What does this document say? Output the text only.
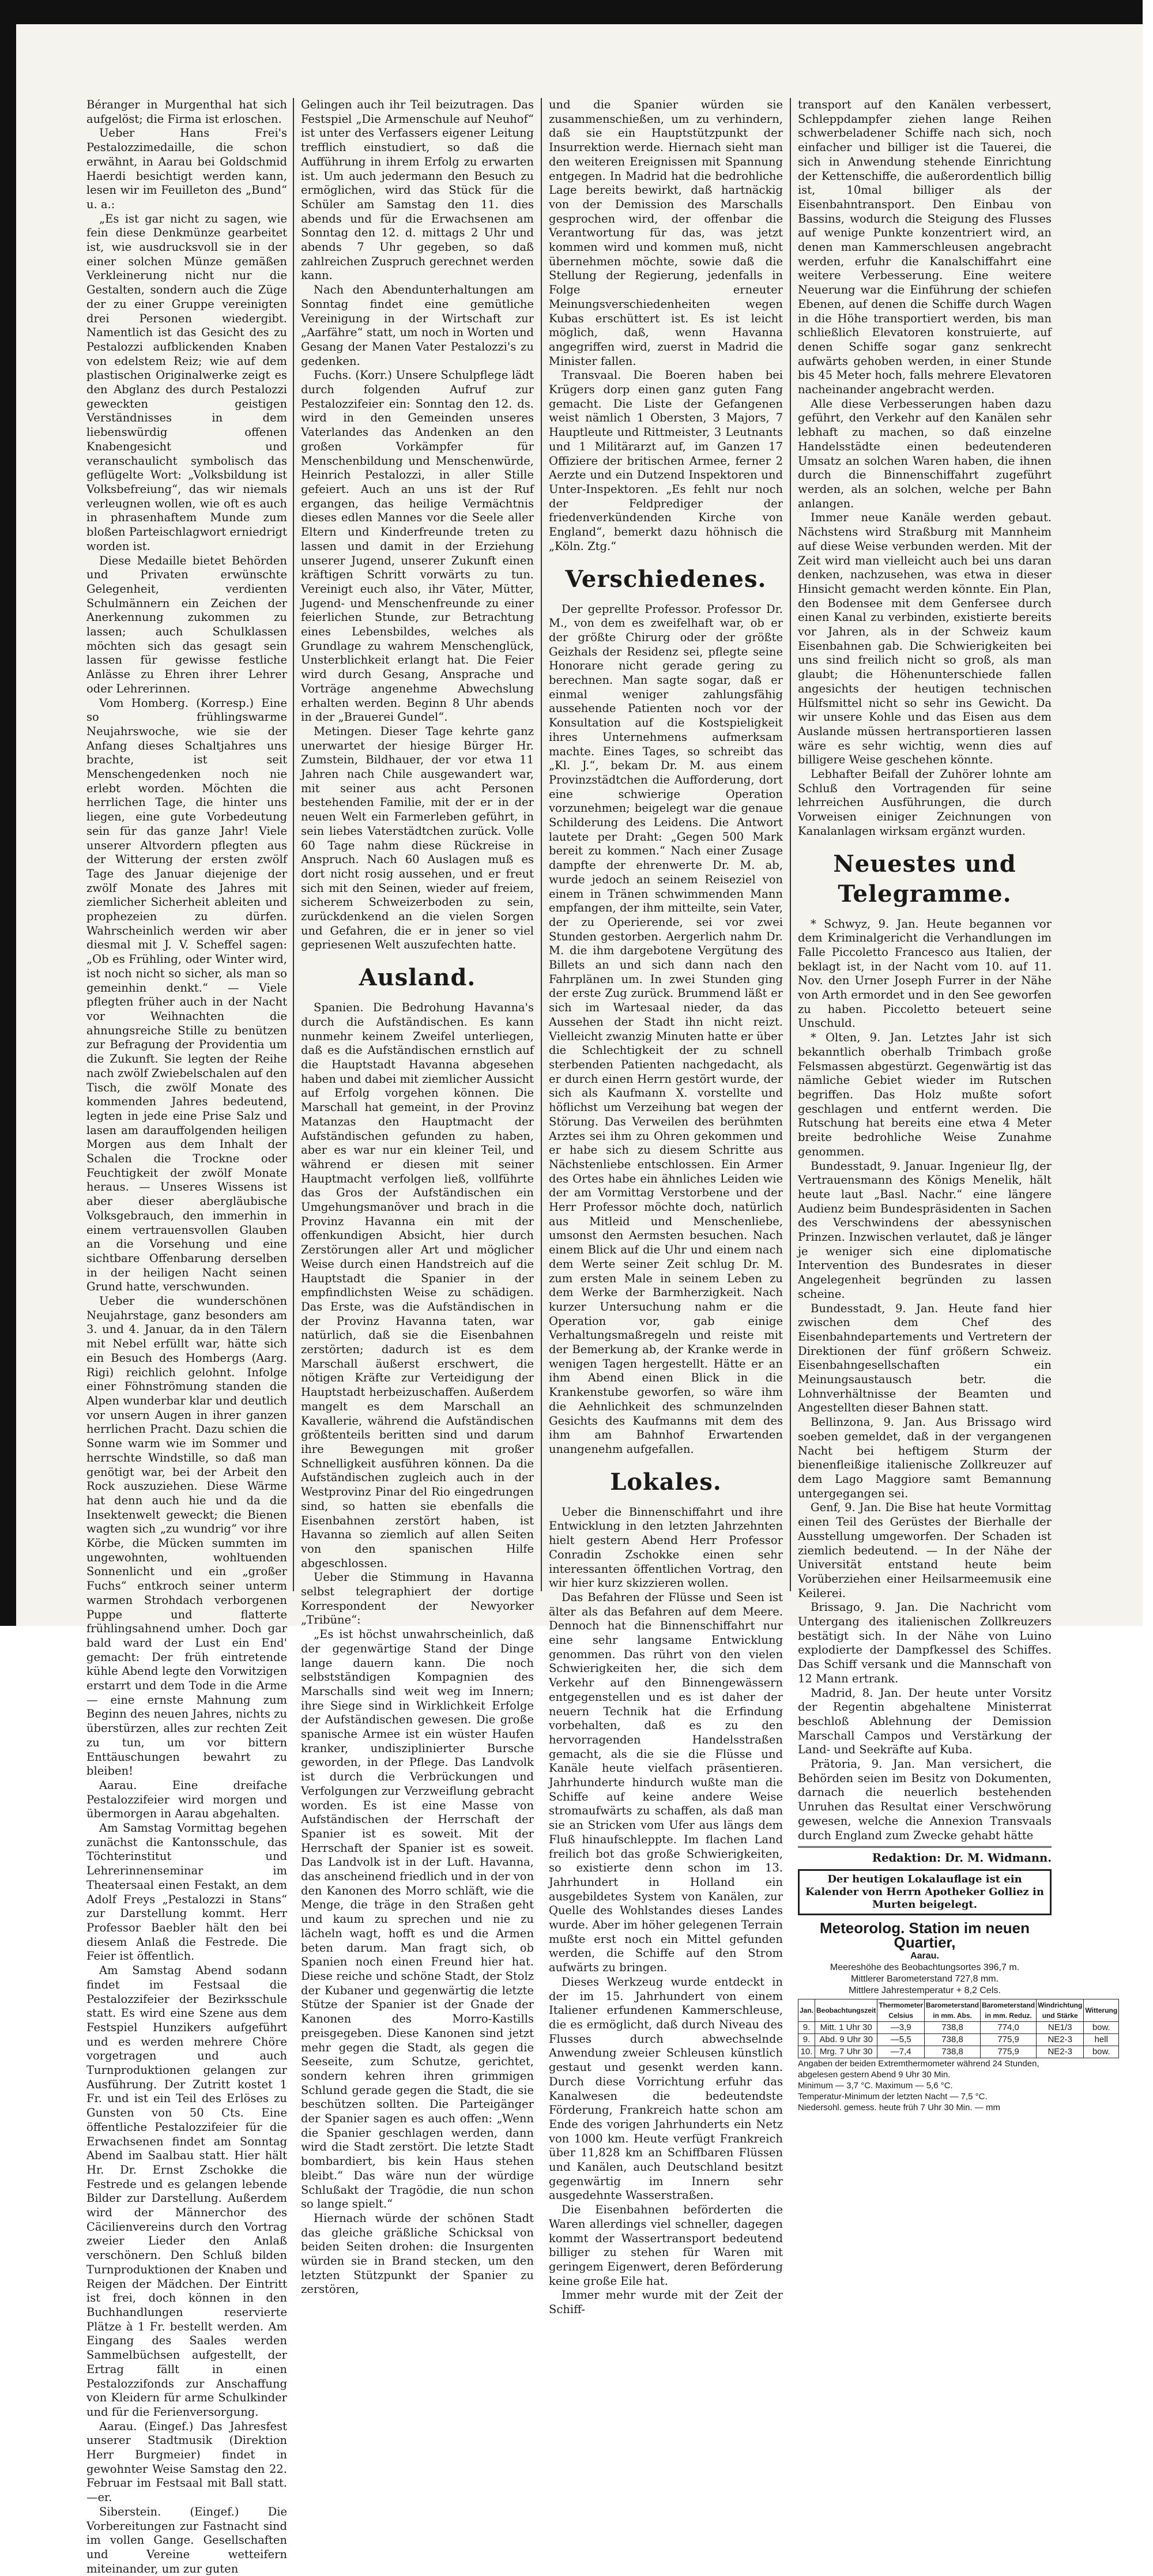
Béranger in Murgenthal hat sich aufgelöst; die Firma ist erloschen.

Ueber Hans Frei's Pestalozzimedaille, die schon erwähnt, in Aarau bei Goldschmid Haerdi besichtigt werden kann, lesen wir im Feuilleton des „Bund“ u. a.:

„Es ist gar nicht zu sagen, wie fein diese Denkmünze gearbeitet ist, wie ausdrucksvoll sie in der einer solchen Münze gemäßen Verkleinerung nicht nur die Gestalten, sondern auch die Züge der zu einer Gruppe vereinigten drei Personen wiedergibt. Namentlich ist das Gesicht des zu Pestalozzi aufblickenden Knaben von edelstem Reiz; wie auf dem plastischen Originalwerke zeigt es den Abglanz des durch Pestalozzi geweckten geistigen Verständnisses in dem liebenswürdig offenen Knabengesicht und veranschaulicht symbolisch das geflügelte Wort: „Volksbildung ist Volksbefreiung“, das wir niemals verleugnen wollen, wie oft es auch in phrasenhaftem Munde zum bloßen Parteischlagwort erniedrigt worden ist.

Diese Medaille bietet Behörden und Privaten erwünschte Gelegenheit, verdienten Schulmännern ein Zeichen der Anerkennung zukommen zu lassen; auch Schulklassen möchten sich das gesagt sein lassen für gewisse festliche Anlässe zu Ehren ihrer Lehrer oder Lehrerinnen.

Vom Homberg. (Korresp.) Eine so frühlingswarme Neujahrswoche, wie sie der Anfang dieses Schaltjahres uns brachte, ist seit Menschengedenken noch nie erlebt worden. Möchten die herrlichen Tage, die hinter uns liegen, eine gute Vorbedeutung sein für das ganze Jahr! Viele unserer Altvordern pflegten aus der Witterung der ersten zwölf Tage des Januar diejenige der zwölf Monate des Jahres mit ziemlicher Sicherheit ableiten und prophezeien zu dürfen. Wahrscheinlich werden wir aber diesmal mit J. V. Scheffel sagen: „Ob es Frühling, oder Winter wird, ist noch nicht so sicher, als man so gemeinhin denkt.“ — Viele pflegten früher auch in der Nacht vor Weihnachten die ahnungsreiche Stille zu benützen zur Befragung der Providentia um die Zukunft. Sie legten der Reihe nach zwölf Zwiebelschalen auf den Tisch, die zwölf Monate des kommenden Jahres bedeutend, legten in jede eine Prise Salz und lasen am darauffolgenden heiligen Morgen aus dem Inhalt der Schalen die Trockne oder Feuchtigkeit der zwölf Monate heraus. — Unseres Wissens ist aber dieser abergläubische Volksgebrauch, den immerhin in einem vertrauensvollen Glauben an die Vorsehung und eine sichtbare Offenbarung derselben in der heiligen Nacht seinen Grund hatte, verschwunden.

Ueber die wunderschönen Neujahrstage, ganz besonders am 3. und 4. Januar, da in den Tälern mit Nebel erfüllt war, hätte sich ein Besuch des Hombergs (Aarg. Rigi) reichlich gelohnt. Infolge einer Föhnströmung standen die Alpen wunderbar klar und deutlich vor unsern Augen in ihrer ganzen herrlichen Pracht. Dazu schien die Sonne warm wie im Sommer und herrschte Windstille, so daß man genötigt war, bei der Arbeit den Rock auszuziehen. Diese Wärme hat denn auch hie und da die Insektenwelt geweckt; die Bienen wagten sich „zu wundrig“ vor ihre Körbe, die Mücken summten im ungewohnten, wohltuenden Sonnenlicht und ein „großer Fuchs“ entkroch seiner unterm warmen Strohdach verborgenen Puppe und flatterte frühlingsahnend umher. Doch gar bald ward der Lust ein End' gemacht: Der früh eintretende kühle Abend legte den Vorwitzigen erstarrt und dem Tode in die Arme — eine ernste Mahnung zum Beginn des neuen Jahres, nichts zu überstürzen, alles zur rechten Zeit zu tun, um vor bittern Enttäuschungen bewahrt zu bleiben!

Aarau. Eine dreifache Pestalozzifeier wird morgen und übermorgen in Aarau abgehalten.

Am Samstag Vormittag begehen zunächst die Kantonsschule, das Töchterinstitut und Lehrerinnenseminar im Theatersaal einen Festakt, an dem Adolf Freys „Pestalozzi in Stans“ zur Darstellung kommt. Herr Professor Baebler hält den bei diesem Anlaß die Festrede. Die Feier ist öffentlich.

Am Samstag Abend sodann findet im Festsaal die Pestalozzifeier der Bezirksschule statt. Es wird eine Szene aus dem Festspiel Hunzikers aufgeführt und es werden mehrere Chöre vorgetragen und auch Turnproduktionen gelangen zur Ausführung. Der Zutritt kostet 1 Fr. und ist ein Teil des Erlöses zu Gunsten von 50 Cts. Eine öffentliche Pestalozzifeier für die Erwachsenen findet am Sonntag Abend im Saalbau statt. Hier hält Hr. Dr. Ernst Zschokke die Festrede und es gelangen lebende Bilder zur Darstellung. Außerdem wird der Männerchor des Cäcilienvereins durch den Vortrag zweier Lieder den Anlaß verschönern. Den Schluß bilden Turnproduktionen der Knaben und Reigen der Mädchen. Der Eintritt ist frei, doch können in den Buchhandlungen reservierte Plätze à 1 Fr. bestellt werden. Am Eingang des Saales werden Sammelbüchsen aufgestellt, der Ertrag fällt in einen Pestalozzifonds zur Anschaffung von Kleidern für arme Schulkinder und für die Ferienversorgung.

Aarau. (Eingef.) Das Jahresfest unserer Stadtmusik (Direktion Herr Burgmeier) findet in gewohnter Weise Samstag den 22. Februar im Festsaal mit Ball statt. —er.

Siberstein. (Eingef.) Die Vorbereitungen zur Fastnacht sind im vollen Gange. Gesellschaften und Vereine wetteifern miteinander, um zur guten

Gelingen auch ihr Teil beizutragen. Das Festspiel „Die Armenschule auf Neuhof“ ist unter des Verfassers eigener Leitung trefflich einstudiert, so daß die Aufführung in ihrem Erfolg zu erwarten ist. Um auch jedermann den Besuch zu ermöglichen, wird das Stück für die Schüler am Samstag den 11. dies abends und für die Erwachsenen am Sonntag den 12. d. mittags 2 Uhr und abends 7 Uhr gegeben, so daß zahlreichen Zuspruch gerechnet werden kann.

Nach den Abendunterhaltungen am Sonntag findet eine gemütliche Vereinigung in der Wirtschaft zur „Aarfähre“ statt, um noch in Worten und Gesang der Manen Vater Pestalozzi's zu gedenken.

Fuchs. (Korr.) Unsere Schulpflege lädt durch folgenden Aufruf zur Pestalozzifeier ein: Sonntag den 12. ds. wird in den Gemeinden unseres Vaterlandes das Andenken an den großen Vorkämpfer für Menschenbildung und Menschenwürde, Heinrich Pestalozzi, in aller Stille gefeiert. Auch an uns ist der Ruf ergangen, das heilige Vermächtnis dieses edlen Mannes vor die Seele aller Eltern und Kinderfreunde treten zu lassen und damit in der Erziehung unserer Jugend, unserer Zukunft einen kräftigen Schritt vorwärts zu tun. Vereinigt euch also, ihr Väter, Mütter, Jugend- und Menschenfreunde zu einer feierlichen Stunde, zur Betrachtung eines Lebensbildes, welches als Grundlage zu wahrem Menschenglück, Unsterblichkeit erlangt hat. Die Feier wird durch Gesang, Ansprache und Vorträge angenehme Abwechslung erhalten werden. Beginn 8 Uhr abends in der „Brauerei Gundel“.

Metingen. Dieser Tage kehrte ganz unerwartet der hiesige Bürger Hr. Zumstein, Bildhauer, der vor etwa 11 Jahren nach Chile ausgewandert war, mit seiner aus acht Personen bestehenden Familie, mit der er in der neuen Welt ein Farmerleben geführt, in sein liebes Vaterstädtchen zurück. Volle 60 Tage nahm diese Rückreise in Anspruch. Nach 60 Auslagen muß es dort nicht rosig aussehen, und er freut sich mit den Seinen, wieder auf freiem, sicherem Schweizerboden zu sein, zurückdenkend an die vielen Sorgen und Gefahren, die er in jener so viel gepriesenen Welt auszufechten hatte.

Ausland.

Spanien. Die Bedrohung Havanna's durch die Aufständischen. Es kann nunmehr keinem Zweifel unterliegen, daß es die Aufständischen ernstlich auf die Hauptstadt Havanna abgesehen haben und dabei mit ziemlicher Aussicht auf Erfolg vorgehen können. Die Marschall hat gemeint, in der Provinz Matanzas den Hauptmacht der Aufständischen gefunden zu haben, aber es war nur ein kleiner Teil, und während er diesen mit seiner Hauptmacht verfolgen ließ, vollführte das Gros der Aufständischen ein Umgehungsmanöver und brach in die Provinz Havanna ein mit der offenkundigen Absicht, hier durch Zerstörungen aller Art und möglicher Weise durch einen Handstreich auf die Hauptstadt die Spanier in der empfindlichsten Weise zu schädigen. Das Erste, was die Aufständischen in der Provinz Havanna taten, war natürlich, daß sie die Eisenbahnen zerstörten; dadurch ist es dem Marschall äußerst erschwert, die nötigen Kräfte zur Verteidigung der Hauptstadt herbeizuschaffen. Außerdem mangelt es dem Marschall an Kavallerie, während die Aufständischen größtenteils beritten sind und darum ihre Bewegungen mit großer Schnelligkeit ausführen können. Da die Aufständischen zugleich auch in der Westprovinz Pinar del Rio eingedrungen sind, so hatten sie ebenfalls die Eisenbahnen zerstört haben, ist Havanna so ziemlich auf allen Seiten von den spanischen Hilfe abgeschlossen.

Ueber die Stimmung in Havanna selbst telegraphiert der dortige Korrespondent der Newyorker „Tribüne“:

„Es ist höchst unwahrscheinlich, daß der gegenwärtige Stand der Dinge lange dauern kann. Die noch selbstständigen Kompagnien des Marschalls sind weit weg im Innern; ihre Siege sind in Wirklichkeit Erfolge der Aufständischen gewesen. Die große spanische Armee ist ein wüster Haufen kranker, undisziplinierter Bursche geworden, in der Pflege. Das Landvolk ist durch die Verbrückungen und Verfolgungen zur Verzweiflung gebracht worden. Es ist eine Masse von Aufständischen der Herrschaft der Spanier ist es soweit. Mit der Herrschaft der Spanier ist es soweit. Das Landvolk ist in der Luft. Havanna, das anscheinend friedlich und in der von den Kanonen des Morro schläft, wie die Menge, die träge in den Straßen geht und kaum zu sprechen und nie zu lächeln wagt, hofft es und die Armen beten darum. Man fragt sich, ob Spanien noch einen Freund hier hat. Diese reiche und schöne Stadt, der Stolz der Kubaner und gegenwärtig die letzte Stütze der Spanier ist der Gnade der Kanonen des Morro-Kastills preisgegeben. Diese Kanonen sind jetzt mehr gegen die Stadt, als gegen die Seeseite, zum Schutze, gerichtet, sondern kehren ihren grimmigen Schlund gerade gegen die Stadt, die sie beschützen sollten. Die Parteigänger der Spanier sagen es auch offen: „Wenn die Spanier geschlagen werden, dann wird die Stadt zerstört. Die letzte Stadt bombardiert, bis kein Haus stehen bleibt.“ Das wäre nun der würdige Schlußakt der Tragödie, die nun schon so lange spielt.“

Hiernach würde der schönen Stadt das gleiche gräßliche Schicksal von beiden Seiten drohen: die Insurgenten würden sie in Brand stecken, um den letzten Stützpunkt der Spanier zu zerstören,

und die Spanier würden sie zusammenschießen, um zu verhindern, daß sie ein Hauptstützpunkt der Insurrektion werde. Hiernach sieht man den weiteren Ereignissen mit Spannung entgegen. In Madrid hat die bedrohliche Lage bereits bewirkt, daß hartnäckig von der Demission des Marschalls gesprochen wird, der offenbar die Verantwortung für das, was jetzt kommen wird und kommen muß, nicht übernehmen möchte, sowie daß die Stellung der Regierung, jedenfalls in Folge erneuter Meinungsverschiedenheiten wegen Kubas erschüttert ist. Es ist leicht möglich, daß, wenn Havanna angegriffen wird, zuerst in Madrid die Minister fallen.

Transvaal. Die Boeren haben bei Krügers dorp einen ganz guten Fang gemacht. Die Liste der Gefangenen weist nämlich 1 Obersten, 3 Majors, 7 Hauptleute und Rittmeister, 3 Leutnants und 1 Militärarzt auf, im Ganzen 17 Offiziere der britischen Armee, ferner 2 Aerzte und ein Dutzend Inspektoren und Unter-Inspektoren. „Es fehlt nur noch der Feldprediger der friedenverkündenden Kirche von England“, bemerkt dazu höhnisch die „Köln. Ztg.“

Verschiedenes.

Der geprellte Professor. Professor Dr. M., von dem es zweifelhaft war, ob er der größte Chirurg oder der größte Geizhals der Residenz sei, pflegte seine Honorare nicht gerade gering zu berechnen. Man sagte sogar, daß er einmal weniger zahlungsfähig aussehende Patienten noch vor der Konsultation auf die Kostspieligkeit ihres Unternehmens aufmerksam machte. Eines Tages, so schreibt das „Kl. J.“, bekam Dr. M. aus einem Provinzstädtchen die Aufforderung, dort eine schwierige Operation vorzunehmen; beigelegt war die genaue Schilderung des Leidens. Die Antwort lautete per Draht: „Gegen 500 Mark bereit zu kommen.“ Nach einer Zusage dampfte der ehrenwerte Dr. M. ab, wurde jedoch an seinem Reiseziel von einem in Tränen schwimmenden Mann empfangen, der ihm mitteilte, sein Vater, der zu Operierende, sei vor zwei Stunden gestorben. Aergerlich nahm Dr. M. die ihm dargebotene Vergütung des Billets an und sich dann nach den Fahrplänen um. In zwei Stunden ging der erste Zug zurück. Brummend läßt er sich im Wartesaal nieder, da das Aussehen der Stadt ihn nicht reizt. Vielleicht zwanzig Minuten hatte er über die Schlechtigkeit der zu schnell sterbenden Patienten nachgedacht, als er durch einen Herrn gestört wurde, der sich als Kaufmann X. vorstellte und höflichst um Verzeihung bat wegen der Störung. Das Verweilen des berühmten Arztes sei ihm zu Ohren gekommen und er habe sich zu diesem Schritte aus Nächstenliebe entschlossen. Ein Armer des Ortes habe ein ähnliches Leiden wie der am Vormittag Verstorbene und der Herr Professor möchte doch, natürlich aus Mitleid und Menschenliebe, umsonst den Aermsten besuchen. Nach einem Blick auf die Uhr und einem nach dem Werte seiner Zeit schlug Dr. M. zum ersten Male in seinem Leben zu dem Werke der Barmherzigkeit. Nach kurzer Untersuchung nahm er die Operation vor, gab einige Verhaltungsmaßregeln und reiste mit der Bemerkung ab, der Kranke werde in wenigen Tagen hergestellt. Hätte er an ihm Abend einen Blick in die Krankenstube geworfen, so wäre ihm die Aehnlichkeit des schmunzelnden Gesichts des Kaufmanns mit dem des ihm am Bahnhof Erwartenden unangenehm aufgefallen.

Lokales.

Ueber die Binnenschiffahrt und ihre Entwicklung in den letzten Jahrzehnten hielt gestern Abend Herr Professor Conradin Zschokke einen sehr interessanten öffentlichen Vortrag, den wir hier kurz skizzieren wollen.

Das Befahren der Flüsse und Seen ist älter als das Befahren auf dem Meere. Dennoch hat die Binnenschiffahrt nur eine sehr langsame Entwicklung genommen. Das rührt von den vielen Schwierigkeiten her, die sich dem Verkehr auf den Binnengewässern entgegenstellen und es ist daher der neuern Technik hat die Erfindung vorbehalten, daß es zu den hervorragenden Handelsstraßen gemacht, als die sie die Flüsse und Kanäle heute vielfach präsentieren. Jahrhunderte hindurch wußte man die Schiffe auf keine andere Weise stromaufwärts zu schaffen, als daß man sie an Stricken vom Ufer aus längs dem Fluß hinaufschleppte. Im flachen Land freilich bot das große Schwierigkeiten, so existierte denn schon im 13. Jahrhundert in Holland ein ausgebildetes System von Kanälen, zur Quelle des Wohlstandes dieses Landes wurde. Aber im höher gelegenen Terrain mußte erst noch ein Mittel gefunden werden, die Schiffe auf den Strom aufwärts zu bringen.

Dieses Werkzeug wurde entdeckt in der im 15. Jahrhundert von einem Italiener erfundenen Kammerschleuse, die es ermöglicht, daß durch Niveau des Flusses durch abwechselnde Anwendung zweier Schleusen künstlich gestaut und gesenkt werden kann. Durch diese Vorrichtung erfuhr das Kanalwesen die bedeutendste Förderung, Frankreich hatte schon am Ende des vorigen Jahrhunderts ein Netz von 1000 km. Heute verfügt Frankreich über 11,828 km an Schiffbaren Flüssen und Kanälen, auch Deutschland besitzt gegenwärtig im Innern sehr ausgedehnte Wasserstraßen.

Die Eisenbahnen beförderten die Waren allerdings viel schneller, dagegen kommt der Wassertransport bedeutend billiger zu stehen für Waren mit geringem Eigenwert, deren Beförderung keine große Eile hat.

Immer mehr wurde mit der Zeit der Schiff-

transport auf den Kanälen verbessert, Schleppdampfer ziehen lange Reihen schwerbeladener Schiffe nach sich, noch einfacher und billiger ist die Tauerei, die sich in Anwendung stehende Einrichtung der Kettenschiffe, die außerordentlich billig ist, 10mal billiger als der Eisenbahntransport. Den Einbau von Bassins, wodurch die Steigung des Flusses auf wenige Punkte konzentriert wird, an denen man Kammerschleusen angebracht werden, erfuhr die Kanalschiffahrt eine weitere Verbesserung. Eine weitere Neuerung war die Einführung der schiefen Ebenen, auf denen die Schiffe durch Wagen in die Höhe transportiert werden, bis man schließlich Elevatoren konstruierte, auf denen Schiffe sogar ganz senkrecht aufwärts gehoben werden, in einer Stunde bis 45 Meter hoch, falls mehrere Elevatoren nacheinander angebracht werden.

Alle diese Verbesserungen haben dazu geführt, den Verkehr auf den Kanälen sehr lebhaft zu machen, so daß einzelne Handelsstädte einen bedeutenderen Umsatz an solchen Waren haben, die ihnen durch die Binnenschiffahrt zugeführt werden, als an solchen, welche per Bahn anlangen.

Immer neue Kanäle werden gebaut. Nächstens wird Straßburg mit Mannheim auf diese Weise verbunden werden. Mit der Zeit wird man vielleicht auch bei uns daran denken, nachzusehen, was etwa in dieser Hinsicht gemacht werden könnte. Ein Plan, den Bodensee mit dem Genfersee durch einen Kanal zu verbinden, existierte bereits vor Jahren, als in der Schweiz kaum Eisenbahnen gab. Die Schwierigkeiten bei uns sind freilich nicht so groß, als man glaubt; die Höhenunterschiede fallen angesichts der heutigen technischen Hülfsmittel nicht so sehr ins Gewicht. Da wir unsere Kohle und das Eisen aus dem Auslande müssen hertransportieren lassen wäre es sehr wichtig, wenn dies auf billigere Weise geschehen könnte.

Lebhafter Beifall der Zuhörer lohnte am Schluß den Vortragenden für seine lehrreichen Ausführungen, die durch Vorweisen einiger Zeichnungen von Kanalanlagen wirksam ergänzt wurden.

Neuestes und Telegramme.

* Schwyz, 9. Jan. Heute begannen vor dem Kriminalgericht die Verhandlungen im Falle Piccoletto Francesco aus Italien, der beklagt ist, in der Nacht vom 10. auf 11. Nov. den Urner Joseph Furrer in der Nähe von Arth ermordet und in den See geworfen zu haben. Piccoletto beteuert seine Unschuld.

* Olten, 9. Jan. Letztes Jahr ist sich bekanntlich oberhalb Trimbach große Felsmassen abgestürzt. Gegenwärtig ist das nämliche Gebiet wieder im Rutschen begriffen. Das Holz mußte sofort geschlagen und entfernt werden. Die Rutschung hat bereits eine etwa 4 Meter breite bedrohliche Weise Zunahme genommen.

Bundesstadt, 9. Januar. Ingenieur Ilg, der Vertrauensmann des Königs Menelik, hält heute laut „Basl. Nachr.“ eine längere Audienz beim Bundespräsidenten in Sachen des Verschwindens der abessynischen Prinzen. Inzwischen verlautet, daß je länger je weniger sich eine diplomatische Intervention des Bundesrates in dieser Angelegenheit begründen zu lassen scheine.

Bundesstadt, 9. Jan. Heute fand hier zwischen dem Chef des Eisenbahndepartements und Vertretern der Direktionen der fünf größern Schweiz. Eisenbahngesellschaften ein Meinungsaustausch betr. die Lohnverhältnisse der Beamten und Angestellten dieser Bahnen statt.

Bellinzona, 9. Jan. Aus Brissago wird soeben gemeldet, daß in der vergangenen Nacht bei heftigem Sturm der bienenfleißige italienische Zollkreuzer auf dem Lago Maggiore samt Bemannung untergegangen sei.

Genf, 9. Jan. Die Bise hat heute Vormittag einen Teil des Gerüstes der Bierhalle der Ausstellung umgeworfen. Der Schaden ist ziemlich bedeutend. — In der Nähe der Universität entstand heute beim Vorüberziehen einer Heilsarmeemusik eine Keilerei.

Brissago, 9. Jan. Die Nachricht vom Untergang des italienischen Zollkreuzers bestätigt sich. In der Nähe von Luino explodierte der Dampfkessel des Schiffes. Das Schiff versank und die Mannschaft von 12 Mann ertrank.

Madrid, 8. Jan. Der heute unter Vorsitz der Regentin abgehaltene Ministerrat beschloß Ablehnung der Demission Marschall Campos und Verstärkung der Land- und Seekräfte auf Kuba.

Prätoria, 9. Jan. Man versichert, die Behörden seien im Besitz von Dokumenten, darnach die neuerlich bestehenden Unruhen das Resultat einer Verschwörung gewesen, welche die Annexion Transvaals durch England zum Zwecke gehabt hätte

Redaktion: Dr. M. Widmann.
Der heutigen Lokalauflage ist ein Kalender von Herrn Apotheker Golliez in Murten beigelegt.
Meteorolog. Station im neuen Quartier,
Aarau.
Meereshöhe des Beobachtungsortes 396,7 m.
Mittlerer Barometerstand 727,8 mm.
Mittlere Jahrestemperatur + 8,2 Cels.
Jan.	Beobachtungszeit	Thermometer Celsius	Barometerstand in mm. Abs.	Barometerstand in mm. Reduz.	Windrichtung und Stärke	Witterung
9.	Mitt. 1 Uhr 30	—3,9	738,8	774,0	NE1/3	bow.
9.	Abd. 9 Uhr 30	—5,5	738,8	775,9	NE2-3	hell
10.	Mrg. 7 Uhr 30	—7,4	738,8	775,9	NE2-3	bow.
Angaben der beiden Extremthermometer während 24 Stunden, abgelesen gestern Abend 9 Uhr 30 Min.
Minimum — 3,7 °C. Maximum — 5,6 °C.
Temperatur-Minimum der letzten Nacht — 7,5 °C.
Niedersohl. gemess. heute früh 7 Uhr 30 Min. — mm
